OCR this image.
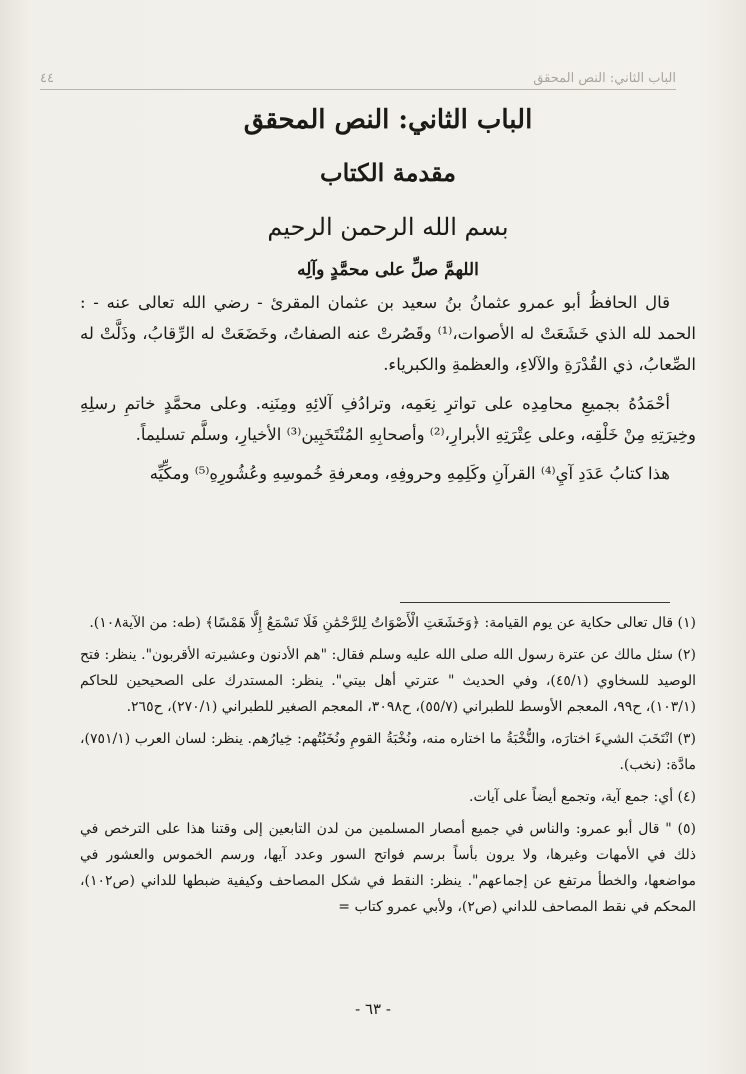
الباب الثاني: النص المحقق
٤٤
الباب الثاني: النص المحقق
مقدمة الكتاب
بسم الله الرحمن الرحيم
اللهمَّ صلِّ على محمَّدٍ وآلِه

قال الحافظُ أبو عمرو عثمانُ بنُ سعيد بن عثمان المقرئ - رضي الله تعالى عنه - : الحمد لله الذي خَشَعَتْ له الأصوات،⁽¹⁾ وقَصُرتْ عنه الصفاتُ، وخَضَعَتْ له الرِّقابُ، وذَلَّتْ له الصِّعابُ، ذي القُدْرَةِ والآلاءِ، والعظمةِ والكبرياء.

أحْمَدُهُ بجميعِ محامِدِه على تواترِ نِعَمِه، وترادُفِ آلائِهِ ومِنَنِه. وعلى محمَّدٍ خاتمِ رسلِهِ وخِيرَتِهِ مِنْ خَلْقِه، وعلى عِتْرَتِهِ الأبرارِ،⁽²⁾ وأصحابِهِ المُنْتَخَبِين⁽³⁾ الأخيارِ، وسلَّم تسليماً.

هذا كتابُ عَدَدِ آيِ⁽⁴⁾ القرآنِ وكَلِمِهِ وحروفِهِ، ومعرفةِ خُموسِهِ وعُشُورِهِ⁽⁵⁾ ومكِّيِّه

(١) قال تعالى حكاية عن يوم القيامة: ﴿وَخَشَعَتِ الْأَصْوَاتُ لِلرَّحْمَٰنِ فَلَا تَسْمَعُ إِلَّا هَمْسًا﴾ (طه: من الآية١٠٨).

(٢) سئل مالك عن عترة رسول الله صلى الله عليه وسلم فقال: "هم الأدنون وعشيرته الأقربون". ينظر: فتح الوصيد للسخاوي (٤٥/١)، وفي الحديث " عترتي أهل بيتي". ينظر: المستدرك على الصحيحين للحاكم (١٠٣/١)، ح٩٩، المعجم الأوسط للطبراني (٥٥/٧)، ح٣٠٩٨، المعجم الصغير للطبراني (٢٧٠/١)، ح٢٦٥.

(٣) انْتَخَبَ الشيءَ اختارَه، والنُّخْبَةُ ما اختاره منه، ونُخْبَةُ القومِ ونُخَبُتُهم: خِيارُهم. ينظر: لسان العرب (٧٥١/١)، مادَّة: (نخب).

(٤) أي: جمع آية، وتجمع أيضاً على آيات.

(٥) " قال أبو عمرو: والناس في جميع أمصار المسلمين من لدن التابعين إلى وقتنا هذا على الترخص في ذلك في الأمهات وغيرها، ولا يرون بأساً برسم فواتح السور وعدد آيها، ورسم الخموس والعشور في مواضعها، والخطأ مرتفع عن إجماعهم". ينظر: النقط في شكل المصاحف وكيفية ضبطها للداني (ص١٠٢)، المحكم في نقط المصاحف للداني (ص٢)، ولأبي عمرو كتاب =

- ٦٣ -
